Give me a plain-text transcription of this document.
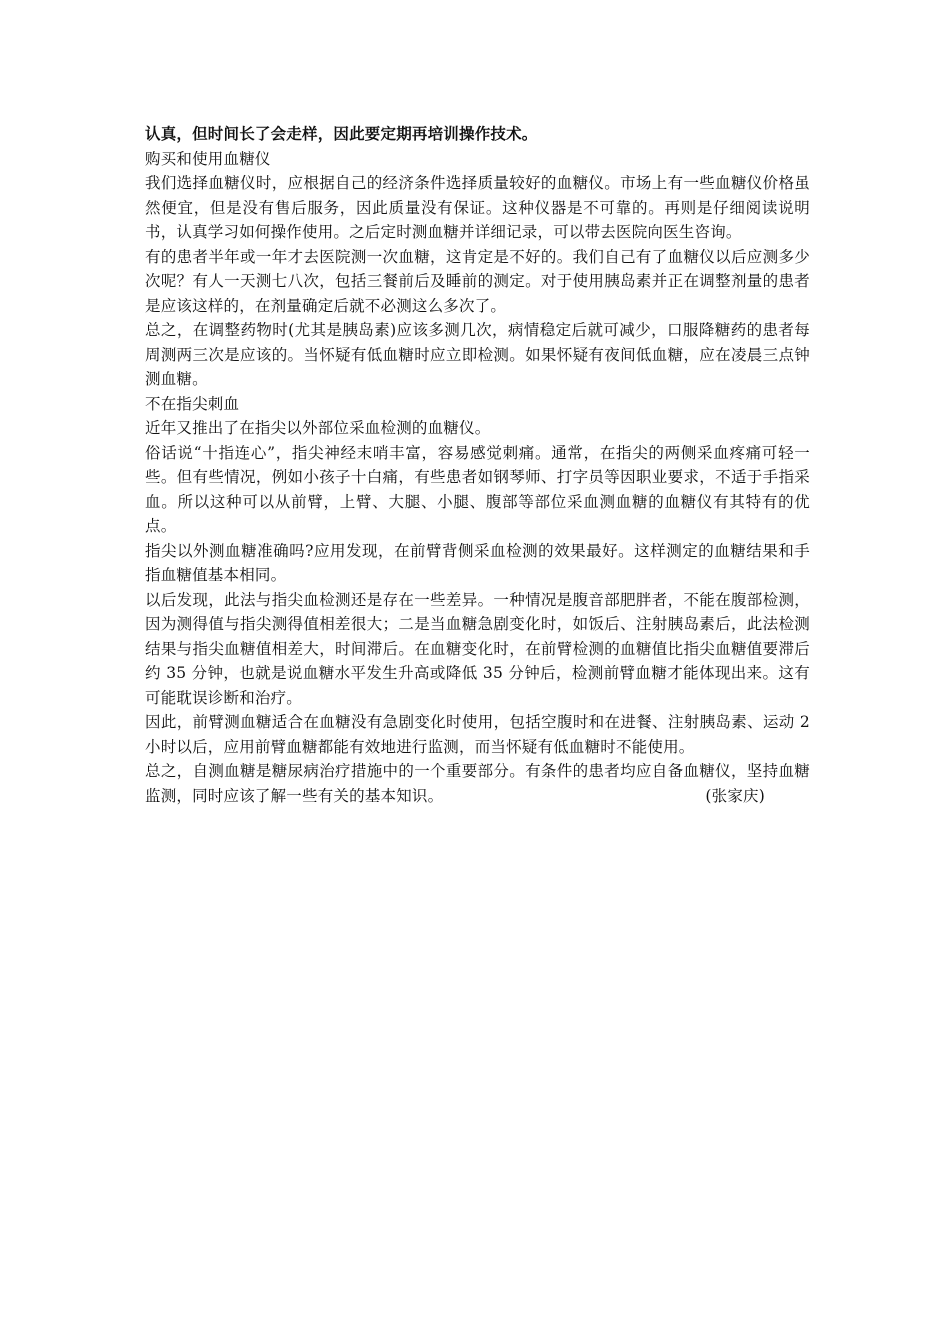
认真，但时间长了会走样，因此要定期再培训操作技术。

购买和使用血糖仪

我们选择血糖仪时，应根据自己的经济条件选择质量较好的血糖仪。市场上有一些血糖仪价格虽然便宜，但是没有售后服务，因此质量没有保证。这种仪器是不可靠的。再则是仔细阅读说明书，认真学习如何操作使用。之后定时测血糖并详细记录，可以带去医院向医生咨询。

有的患者半年或一年才去医院测一次血糖，这肯定是不好的。我们自己有了血糖仪以后应测多少次呢？有人一天测七八次，包括三餐前后及睡前的测定。对于使用胰岛素并正在调整剂量的患者是应该这样的，在剂量确定后就不必测这么多次了。

总之，在调整药物时(尤其是胰岛素)应该多测几次，病情稳定后就可减少，口服降糖药的患者每周测两三次是应该的。当怀疑有低血糖时应立即检测。如果怀疑有夜间低血糖，应在凌晨三点钟测血糖。

不在指尖刺血

近年又推出了在指尖以外部位采血检测的血糖仪。

俗话说“十指连心”，指尖神经末哨丰富，容易感觉刺痛。通常，在指尖的两侧采血疼痛可轻一些。但有些情况，例如小孩子十白痛，有些患者如钢琴师、打字员等因职业要求，不适于手指采血。所以这种可以从前臂，上臂、大腿、小腿、腹部等部位采血测血糖的血糖仪有其特有的优点。

指尖以外测血糖准确吗?应用发现，在前臂背侧采血检测的效果最好。这样测定的血糖结果和手指血糖值基本相同。

以后发现，此法与指尖血检测还是存在一些差异。一种情况是腹音部肥胖者，不能在腹部检测，因为测得值与指尖测得值相差很大；二是当血糖急剧变化时，如饭后、注射胰岛素后，此法检测结果与指尖血糖值相差大，时间滞后。在血糖变化时，在前臂检测的血糖值比指尖血糖值要滞后约 35 分钟，也就是说血糖水平发生升高或降低 35 分钟后，检测前臂血糖才能体现出来。这有可能耽误诊断和治疗。

因此，前臂测血糖适合在血糖没有急剧变化时使用，包括空腹时和在进餐、注射胰岛素、运动 2 小时以后，应用前臂血糖都能有效地进行监测，而当怀疑有低血糖时不能使用。

总之，自测血糖是糖尿病治疗措施中的一个重要部分。有条件的患者均应自备血糖仪，坚持血糖监测，同时应该了解一些有关的基本知识。	(张家庆)
